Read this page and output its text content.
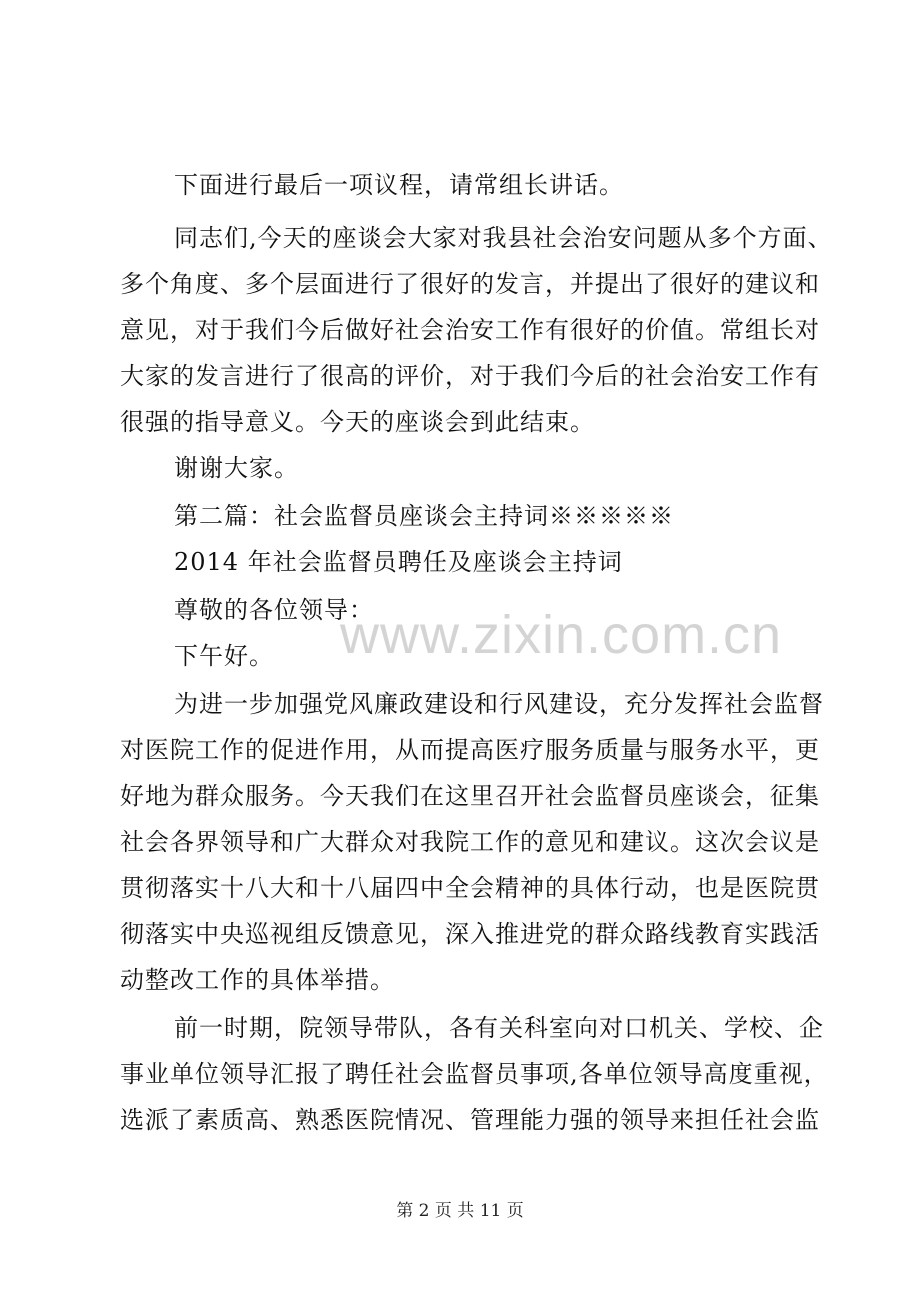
下面进行最后一项议程，请常组长讲话。
同志们,今天的座谈会大家对我县社会治安问题从多个方面、
多个角度、多个层面进行了很好的发言，并提出了很好的建议和
意见，对于我们今后做好社会治安工作有很好的价值。常组长对
大家的发言进行了很高的评价，对于我们今后的社会治安工作有
很强的指导意义。今天的座谈会到此结束。
谢谢大家。
第二篇：社会监督员座谈会主持词※※※※※
2014 年社会监督员聘任及座谈会主持词
尊敬的各位领导：
下午好。
为进一步加强党风廉政建设和行风建设，充分发挥社会监督
对医院工作的促进作用，从而提高医疗服务质量与服务水平，更
好地为群众服务。今天我们在这里召开社会监督员座谈会，征集
社会各界领导和广大群众对我院工作的意见和建议。这次会议是
贯彻落实十八大和十八届四中全会精神的具体行动，也是医院贯
彻落实中央巡视组反馈意见，深入推进党的群众路线教育实践活
动整改工作的具体举措。
前一时期，院领导带队，各有关科室向对口机关、学校、企
事业单位领导汇报了聘任社会监督员事项,各单位领导高度重视，
选派了素质高、熟悉医院情况、管理能力强的领导来担任社会监
www.zixin.com.cn
第 2 页 共 11 页
